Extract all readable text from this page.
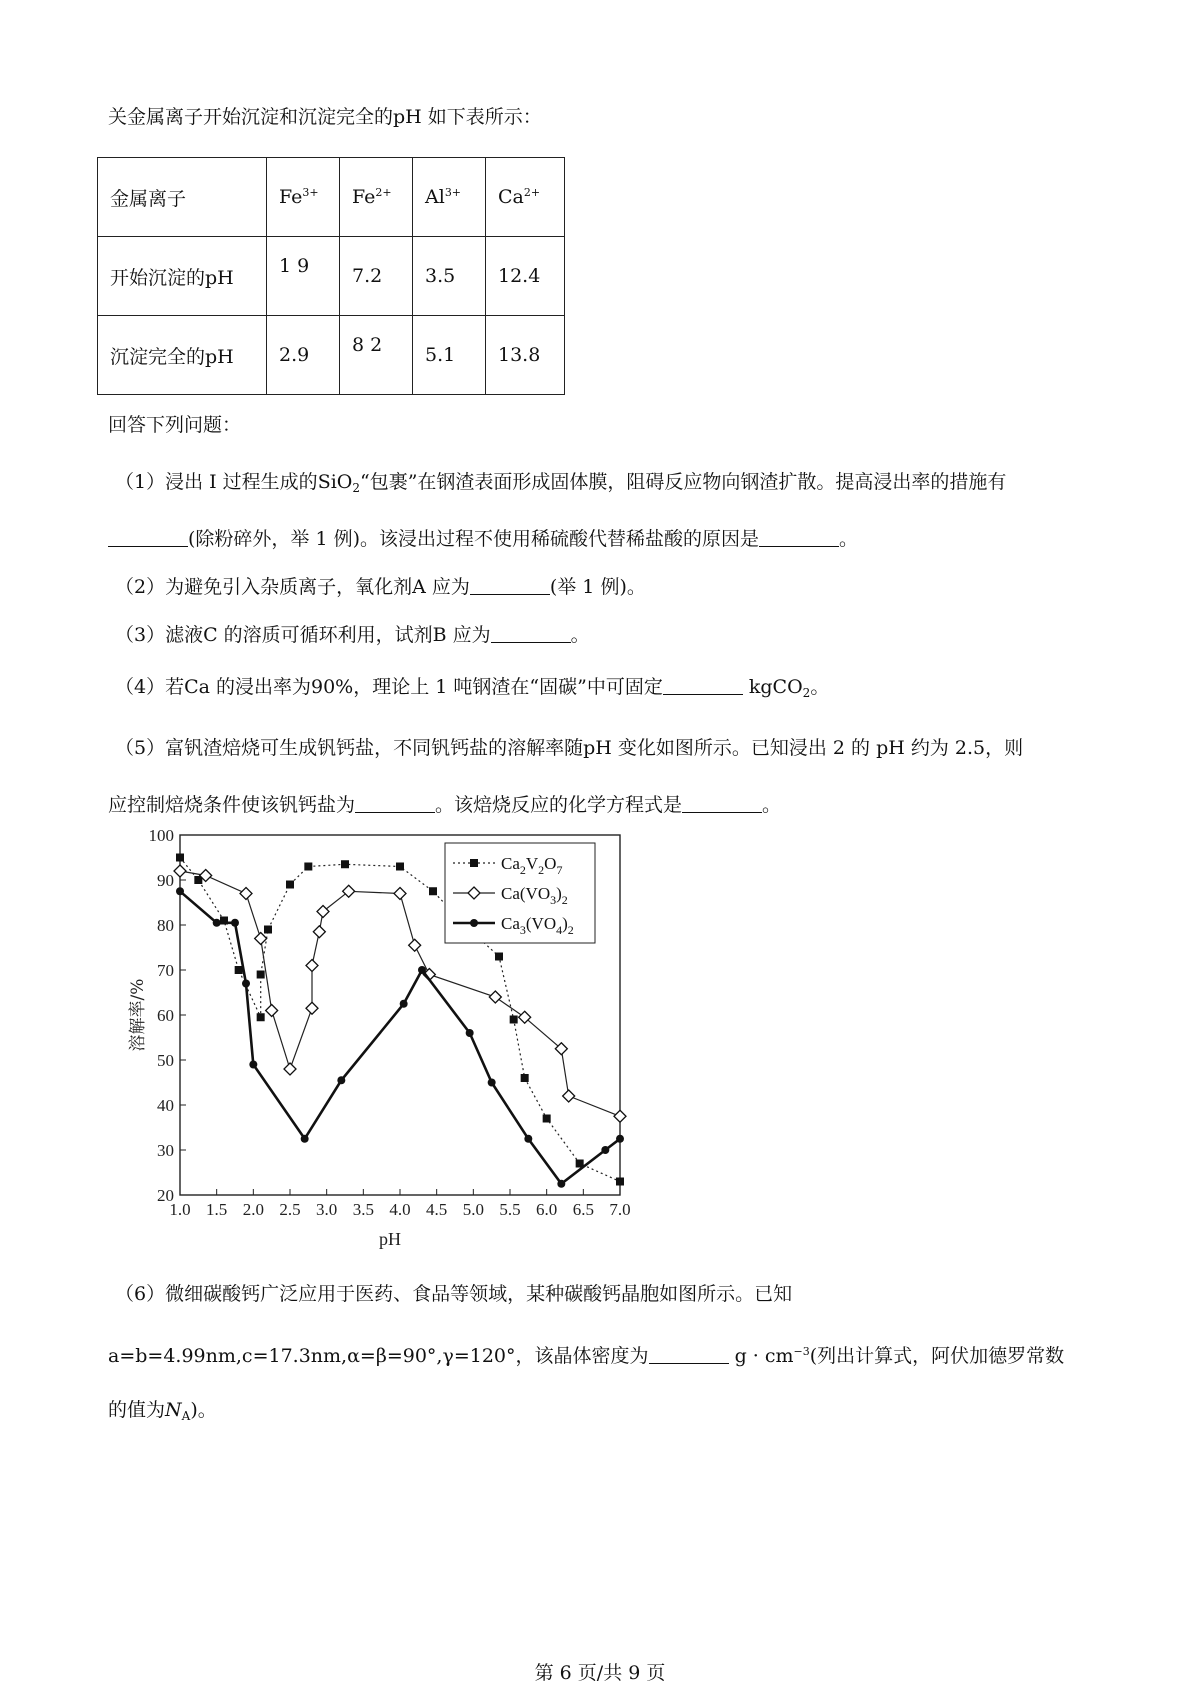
关金属离子开始沉淀和沉淀完全的pH 如下表所示：
金属离子	$Fe^{3+}$	$Fe^{2+}$	$Al^{3+}$	$Ca^{2+}$
开始沉淀的pH	1 9	7.2	3.5	12.4
沉淀完全的pH	2.9	8 2	5.1	13.8
回答下列问题：
（1）浸出 I 过程生成的SiO$_2$“包裹”在钢渣表面形成固体膜，阻碍反应物向钢渣扩散。提高浸出率的措施有
(除粉碎外，举 1 例)。该浸出过程不使用稀硫酸代替稀盐酸的原因是	。
（2）为避免引入杂质离子，氧化剂A 应为	(举 1 例)。
（3）滤液C 的溶质可循环利用，试剂B 应为	。
（4）若Ca 的浸出率为90%，理论上 1 吨钢渣在“固碳”中可固定	kgCO$_2$。
（5）富钒渣焙烧可生成钒钙盐，不同钒钙盐的溶解率随pH 变化如图所示。已知浸出 2 的 pH 约为 2.5，则
应控制焙烧条件使该钒钙盐为	。该焙烧反应的化学方程式是	。
20
30
40
50
60
70
80
90
100
1.0 1.5 2.0 2.5 3.0 3.5 4.0 4.5 5.0 5.5 6.0 6.5 7.0
pH
溶解率/%
$Ca_2V_2O_7$
$Ca(VO_3)_2$
$Ca_3(VO_4)_2$
（6）微细碳酸钙广泛应用于医药、食品等领域，某种碳酸钙晶胞如图所示。已知
a=b=4.99nm,c=17.3nm,α=β=90°,γ=120°，该晶体密度为	$g \cdot cm^{-3}$(列出计算式，阿伏加德罗常数
的值为$N_A$)。
第 6 页/共 9 页
